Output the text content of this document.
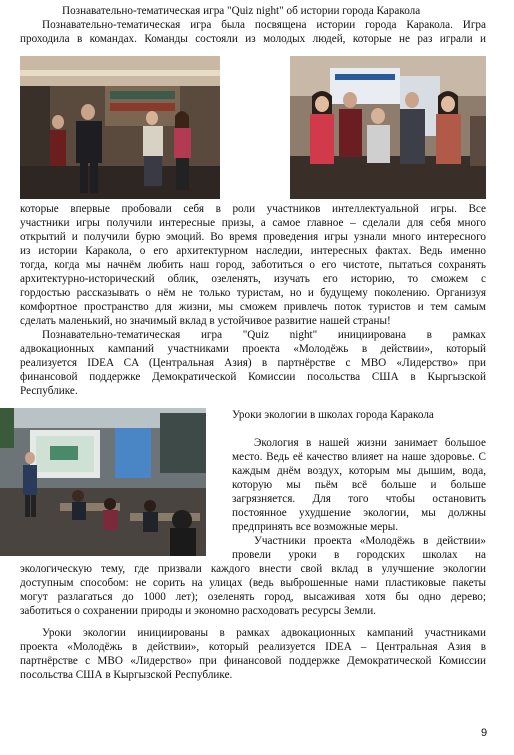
Познавательно-тематическая игра "Quiz night" об истории города Каракола
Познавательно-тематическая игра была посвящена истории города Каракола. Игра
проходила в командах. Команды состояли из молодых людей, которые не раз играли и
которые впервые пробовали себя в роли участников интеллектуальной игры. Все
участники игры получили интересные призы, а самое главное – сделали для себя много
открытий и получили бурю эмоций. Во время проведения игры узнали много интересного
из истории Каракола, о его архитектурном наследии, интересных фактах. Ведь именно
тогда, когда мы начнём любить наш город, заботиться о его чистоте, пытаться сохранять
архитектурно-исторический облик, озеленять, изучать его историю, то сможем с
гордостью рассказывать о нём не только туристам, но и будущему поколению. Организуя
комфортное пространство для жизни, мы сможем привлечь поток туристов и тем самым
сделать маленький, но значимый вклад в устойчивое развитие нашей страны!
Познавательно-тематическая игра "Quiz night" инициирована в рамках
адвокационных кампаний участниками проекта «Молодёжь в действии», который
реализуется IDEA CA (Центральная Азия) в партнёрстве с МВО «Лидерство» при
финансовой поддержке Демократической Комиссии посольства США в Кыргызской
Республике.
Уроки экологии в школах города Каракола
Экология в нашей жизни занимает большое
место. Ведь её качество влияет на наше здоровье. С
каждым днём воздух, которым мы дышим, вода,
которую мы пьём всё больше и больше
загрязняется. Для того чтобы остановить
постоянное ухудшение экологии, мы должны
предпринять все возможные меры.
Участники проекта «Молодёжь в действии»
провели уроки в городских школах на
экологическую тему, где призвали каждого внести свой вклад в улучшение экологии
доступным способом: не сорить на улицах (ведь выброшенные нами пластиковые пакеты
могут разлагаться до 1000 лет); озеленять город, высаживая хотя бы одно дерево;
заботиться о сохранении природы и экономно расходовать ресурсы Земли.
Уроки экологии инициированы в рамках адвокационных кампаний участниками
проекта «Молодёжь в действии», который реализуется IDEA – Центральная Азия в
партнёрстве с МВО «Лидерство» при финансовой поддержке Демократической Комиссии
посольства США в Кыргызской Республике.
9
